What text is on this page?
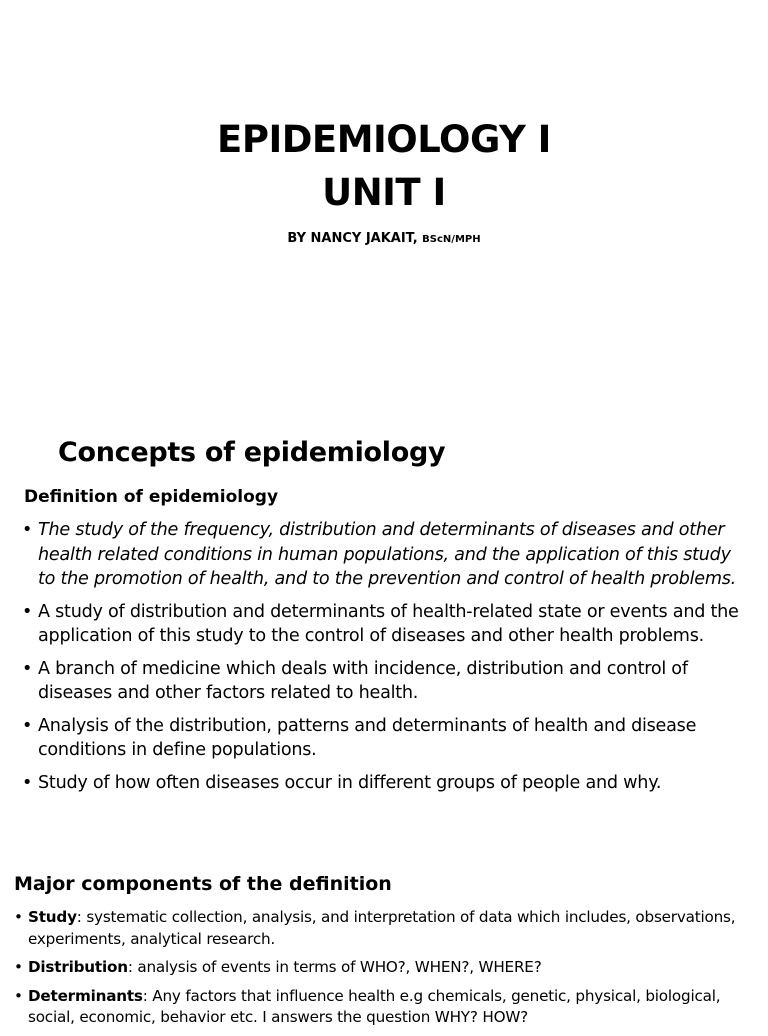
EPIDEMIOLOGY I
UNIT I

BY NANCY JAKAIT, BScN/MPH

Concepts of epidemiology
Definition of epidemiology
• The study of the frequency, distribution and determinants of diseases and other health related conditions in human populations, and the application of this study to the promotion of health, and to the prevention and control of health problems.
• A study of distribution and determinants of health-related state or events and the application of this study to the control of diseases and other health problems.
• A branch of medicine which deals with incidence, distribution and control of diseases and other factors related to health.
• Analysis of the distribution, patterns and determinants of health and disease conditions in define populations.
• Study of how often diseases occur in different groups of people and why.
Major components of the definition
• Study: systematic collection, analysis, and interpretation of data which includes, observations, experiments, analytical research.
• Distribution: analysis of events in terms of WHO?, WHEN?, WHERE?
• Determinants: Any factors that influence health e.g chemicals, genetic, physical, biological, social, economic, behavior etc. I answers the question WHY? HOW?
